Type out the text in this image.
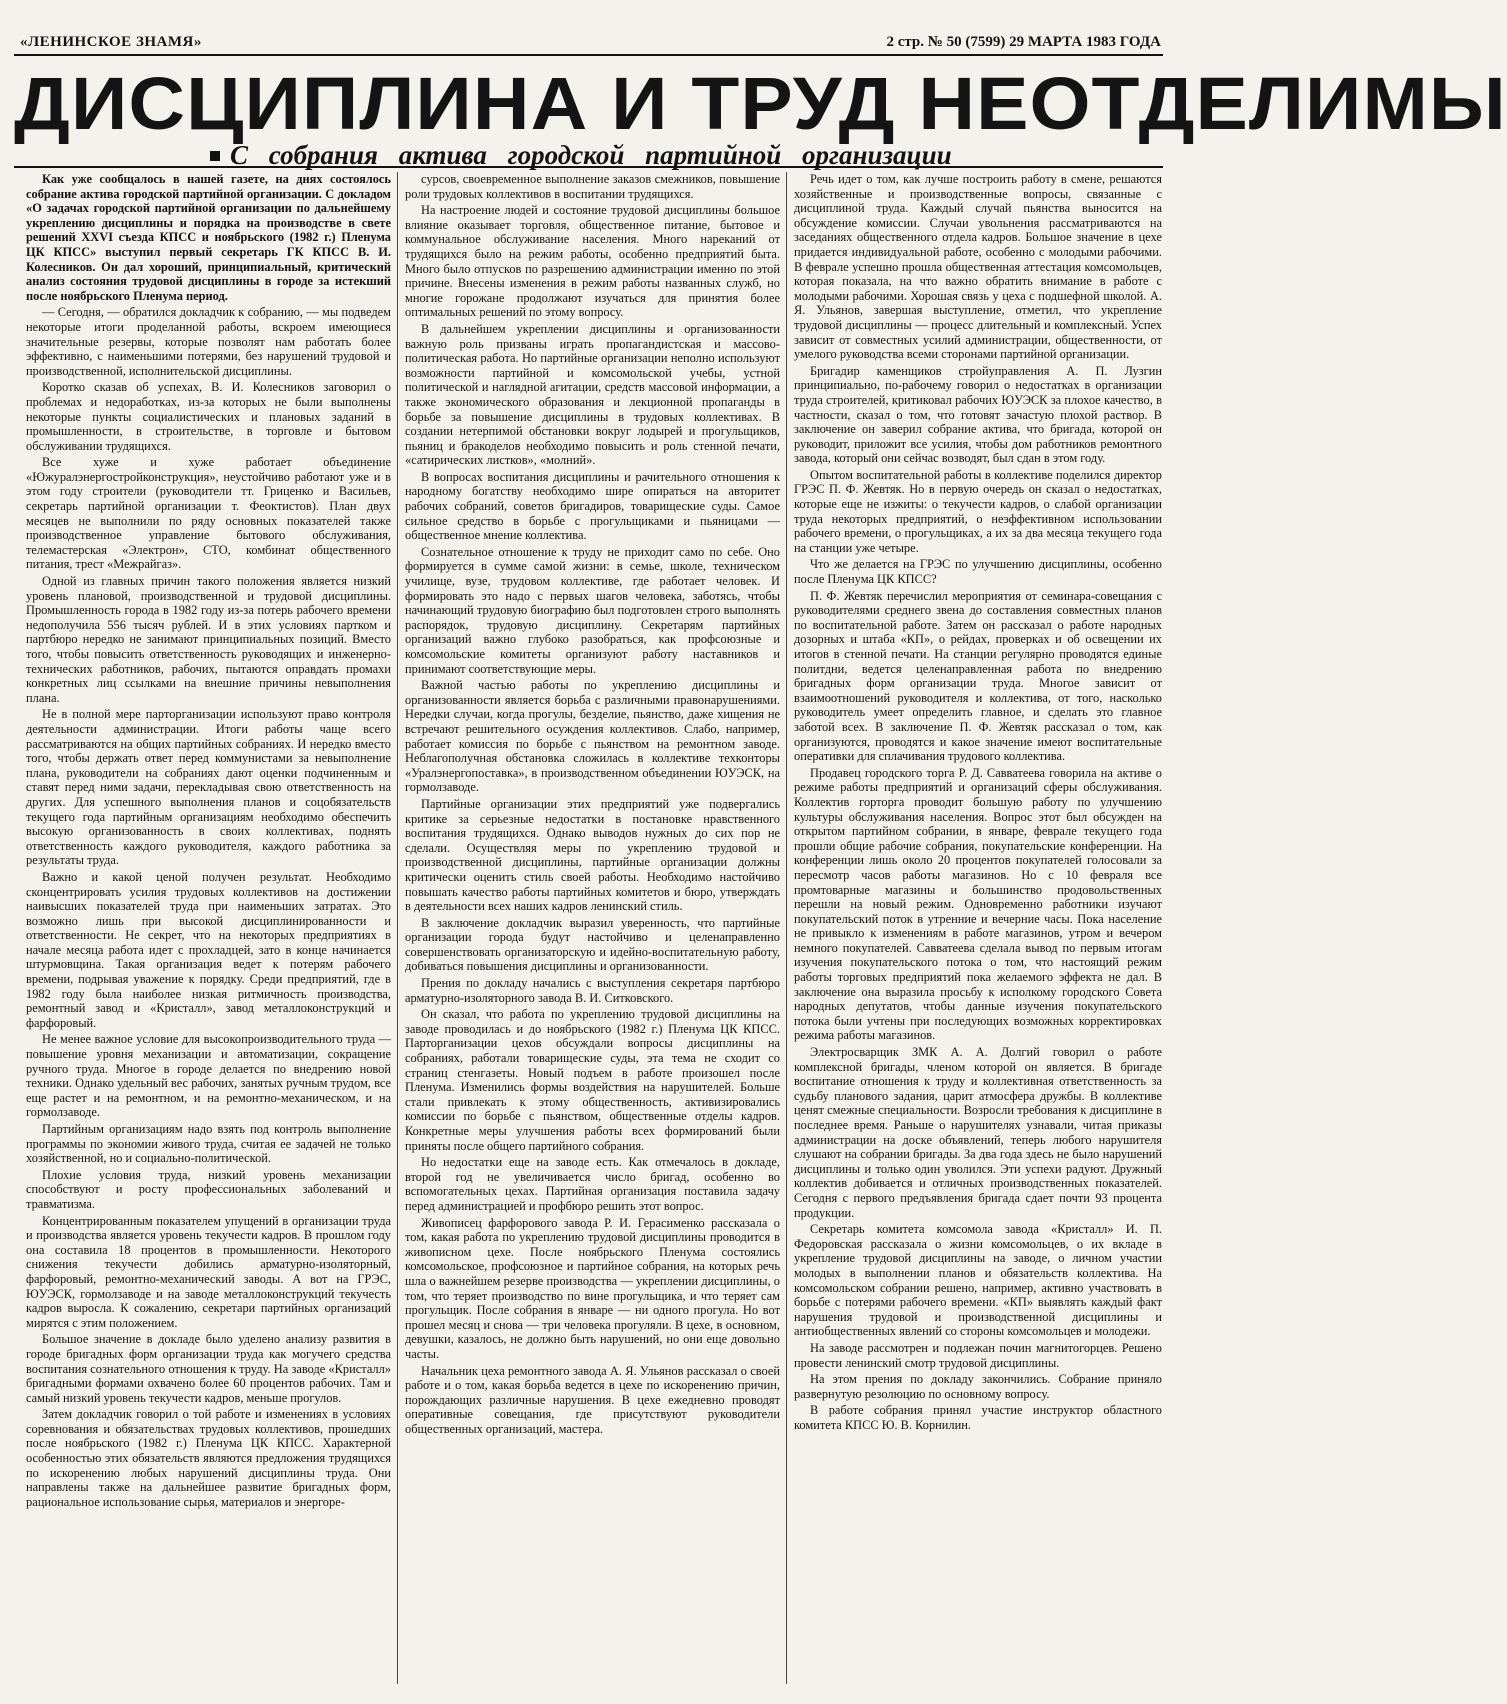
«ЛЕНИНСКОЕ ЗНАМЯ»	2 стр. № 50 (7599) 29 МАРТА 1983 ГОДА
ДИСЦИПЛИНА И ТРУД НЕОТДЕЛИМЫ
С собрания актива городской партийной организации

Как уже сообщалось в нашей газете, на днях состоялось собрание актива городской партийной организации. С докладом «О задачах городской партийной организации по дальнейшему укреплению дисциплины и порядка на производстве в свете решений XXVI съезда КПСС и ноябрьского (1982 г.) Пленума ЦК КПСС» выступил первый секретарь ГК КПСС В. И. Колесников. Он дал хороший, принципиальный, критический анализ состояния трудовой дисциплины в городе за истекший после ноябрьского Пленума период.

— Сегодня, — обратился докладчик к собранию, — мы подведем некоторые итоги проделанной работы, вскроем имеющиеся значительные резервы, которые позволят нам работать более эффективно, с наименьшими потерями, без нарушений трудовой и производственной, исполнительской дисциплины.

Коротко сказав об успехах, В. И. Колесников заговорил о проблемах и недоработках, из-за которых не были выполнены некоторые пункты социалистических и плановых заданий в промышленности, в строительстве, в торговле и бытовом обслуживании трудящихся.

Все хуже и хуже работает объединение «Южуралэнергостройконструкция», неустойчиво работают уже и в этом году строители (руководители тт. Гриценко и Васильев, секретарь партийной организации т. Феоктистов). План двух месяцев не выполнили по ряду основных показателей также производственное управление бытового обслуживания, телемастерская «Электрон», СТО, комбинат общественного питания, трест «Межрайгаз».

Одной из главных причин такого положения является низкий уровень плановой, производственной и трудовой дисциплины. Промышленность города в 1982 году из-за потерь рабочего времени недополучила 556 тысяч рублей. И в этих условиях партком и партбюро нередко не занимают принципиальных позиций. Вместо того, чтобы повысить ответственность руководящих и инженерно-технических работников, рабочих, пытаются оправдать промахи конкретных лиц ссылками на внешние причины невыполнения плана.

Не в полной мере парторганизации используют право контроля деятельности администрации. Итоги работы чаще всего рассматриваются на общих партийных собраниях. И нередко вместо того, чтобы держать ответ перед коммунистами за невыполнение плана, руководители на собраниях дают оценки подчиненным и ставят перед ними задачи, перекладывая свою ответственность на других. Для успешного выполнения планов и соцобязательств текущего года партийным организациям необходимо обеспечить высокую организованность в своих коллективах, поднять ответственность каждого руководителя, каждого работника за результаты труда.

Важно и какой ценой получен результат. Необходимо сконцентрировать усилия трудовых коллективов на достижении наивысших показателей труда при наименьших затратах. Это возможно лишь при высокой дисциплинированности и ответственности. Не секрет, что на некоторых предприятиях в начале месяца работа идет с прохладцей, зато в конце начинается штурмовщина. Такая организация ведет к потерям рабочего времени, подрывая уважение к порядку. Среди предприятий, где в 1982 году была наиболее низкая ритмичность производства, ремонтный завод и «Кристалл», завод металлоконструкций и фарфоровый.

Не менее важное условие для высокопроизводительного труда — повышение уровня механизации и автоматизации, сокращение ручного труда. Многое в городе делается по внедрению новой техники. Однако удельный вес рабочих, занятых ручным трудом, все еще растет и на ремонтном, и на ремонтно-механическом, и на гормолзаводе.

Партийным организациям надо взять под контроль выполнение программы по экономии живого труда, считая ее задачей не только хозяйственной, но и социально-политической.

Плохие условия труда, низкий уровень механизации способствуют и росту профессиональных заболеваний и травматизма.

Концентрированным показателем упущений в организации труда и производства является уровень текучести кадров. В прошлом году она составила 18 процентов в промышленности. Некоторого снижения текучести добились арматурно-изоляторный, фарфоровый, ремонтно-механический заводы. А вот на ГРЭС, ЮУЭСК, гормолзаводе и на заводе металлоконструкций текучесть кадров выросла. К сожалению, секретари партийных организаций мирятся с этим положением.

Большое значение в докладе было уделено анализу развития в городе бригадных форм организации труда как могучего средства воспитания сознательного отношения к труду. На заводе «Кристалл» бригадными формами охвачено более 60 процентов рабочих. Там и самый низкий уровень текучести кадров, меньше прогулов.

Затем докладчик говорил о той работе и изменениях в условиях соревнования и обязательствах трудовых коллективов, прошедших после ноябрьского (1982 г.) Пленума ЦК КПСС. Характерной особенностью этих обязательств являются предложения трудящихся по искоренению любых нарушений дисциплины труда. Они направлены также на дальнейшее развитие бригадных форм, рациональное использование сырья, материалов и энергоре-

сурсов, своевременное выполнение заказов смежников, повышение роли трудовых коллективов в воспитании трудящихся.

На настроение людей и состояние трудовой дисциплины большое влияние оказывает торговля, общественное питание, бытовое и коммунальное обслуживание населения. Много нареканий от трудящихся было на режим работы, особенно предприятий быта. Много было отпусков по разрешению администрации именно по этой причине. Внесены изменения в режим работы названных служб, но многие горожане продолжают изучаться для принятия более оптимальных решений по этому вопросу.

В дальнейшем укреплении дисциплины и организованности важную роль призваны играть пропагандистская и массово-политическая работа. Но партийные организации неполно используют возможности партийной и комсомольской учебы, устной политической и наглядной агитации, средств массовой информации, а также экономического образования и лекционной пропаганды в борьбе за повышение дисциплины в трудовых коллективах. В создании нетерпимой обстановки вокруг лодырей и прогульщиков, пьяниц и бракоделов необходимо повысить и роль стенной печати, «сатирических листков», «молний».

В вопросах воспитания дисциплины и рачительного отношения к народному богатству необходимо шире опираться на авторитет рабочих собраний, советов бригадиров, товарищеские суды. Самое сильное средство в борьбе с прогульщиками и пьяницами — общественное мнение коллектива.

Сознательное отношение к труду не приходит само по себе. Оно формируется в сумме самой жизни: в семье, школе, техническом училище, вузе, трудовом коллективе, где работает человек. И формировать это надо с первых шагов человека, заботясь, чтобы начинающий трудовую биографию был подготовлен строго выполнять распорядок, трудовую дисциплину. Секретарям партийных организаций важно глубоко разобраться, как профсоюзные и комсомольские комитеты организуют работу наставников и принимают соответствующие меры.

Важной частью работы по укреплению дисциплины и организованности является борьба с различными правонарушениями. Нередки случаи, когда прогулы, безделие, пьянство, даже хищения не встречают решительного осуждения коллективов. Слабо, например, работает комиссия по борьбе с пьянством на ремонтном заводе. Неблагополучная обстановка сложилась в коллективе техконторы «Уралэнергопоставка», в производственном объединении ЮУЭСК, на гормолзаводе.

Партийные организации этих предприятий уже подвергались критике за серьезные недостатки в постановке нравственного воспитания трудящихся. Однако выводов нужных до сих пор не сделали. Осуществляя меры по укреплению трудовой и производственной дисциплины, партийные организации должны критически оценить стиль своей работы. Необходимо настойчиво повышать качество работы партийных комитетов и бюро, утверждать в деятельности всех наших кадров ленинский стиль.

В заключение докладчик выразил уверенность, что партийные организации города будут настойчиво и целенаправленно совершенствовать организаторскую и идейно-воспитательную работу, добиваться повышения дисциплины и организованности.

Прения по докладу начались с выступления секретаря партбюро арматурно-изоляторного завода В. И. Ситковского.

Он сказал, что работа по укреплению трудовой дисциплины на заводе проводилась и до ноябрьского (1982 г.) Пленума ЦК КПСС. Парторганизации цехов обсуждали вопросы дисциплины на собраниях, работали товарищеские суды, эта тема не сходит со страниц стенгазеты. Новый подъем в работе произошел после Пленума. Изменились формы воздействия на нарушителей. Больше стали привлекать к этому общественность, активизировались комиссии по борьбе с пьянством, общественные отделы кадров. Конкретные меры улучшения работы всех формирований были приняты после общего партийного собрания.

Но недостатки еще на заводе есть. Как отмечалось в докладе, второй год не увеличивается число бригад, особенно во вспомогательных цехах. Партийная организация поставила задачу перед администрацией и профбюро решить этот вопрос.

Живописец фарфорового завода Р. И. Герасименко рассказала о том, какая работа по укреплению трудовой дисциплины проводится в живописном цехе. После ноябрьского Пленума состоялись комсомольское, профсоюзное и партийное собрания, на которых речь шла о важнейшем резерве производства — укреплении дисциплины, о том, что теряет производство по вине прогульщика, и что теряет сам прогульщик. После собрания в январе — ни одного прогула. Но вот прошел месяц и снова — три человека прогуляли. В цехе, в основном, девушки, казалось, не должно быть нарушений, но они еще довольно часты.

Начальник цеха ремонтного завода А. Я. Ульянов рассказал о своей работе и о том, какая борьба ведется в цехе по искоренению причин, порождающих различные нарушения. В цехе ежедневно проводят оперативные совещания, где присутствуют руководители общественных организаций, мастера.

Речь идет о том, как лучше построить работу в смене, решаются хозяйственные и производственные вопросы, связанные с дисциплиной труда. Каждый случай пьянства выносится на обсуждение комиссии. Случаи увольнения рассматриваются на заседаниях общественного отдела кадров. Большое значение в цехе придается индивидуальной работе, особенно с молодыми рабочими. В феврале успешно прошла общественная аттестация комсомольцев, которая показала, на что важно обратить внимание в работе с молодыми рабочими. Хорошая связь у цеха с подшефной школой. А. Я. Ульянов, завершая выступление, отметил, что укрепление трудовой дисциплины — процесс длительный и комплексный. Успех зависит от совместных усилий администрации, общественности, от умелого руководства всеми сторонами партийной организации.

Бригадир каменщиков стройуправления А. П. Лузгин принципиально, по-рабочему говорил о недостатках в организации труда строителей, критиковал рабочих ЮУЭСК за плохое качество, в частности, сказал о том, что готовят зачастую плохой раствор. В заключение он заверил собрание актива, что бригада, которой он руководит, приложит все усилия, чтобы дом работников ремонтного завода, который они сейчас возводят, был сдан в этом году.

Опытом воспитательной работы в коллективе поделился директор ГРЭС П. Ф. Жевтяк. Но в первую очередь он сказал о недостатках, которые еще не изжиты: о текучести кадров, о слабой организации труда некоторых предприятий, о неэффективном использовании рабочего времени, о прогульщиках, а их за два месяца текущего года на станции уже четыре.

Что же делается на ГРЭС по улучшению дисциплины, особенно после Пленума ЦК КПСС?

П. Ф. Жевтяк перечислил мероприятия от семинара-совещания с руководителями среднего звена до составления совместных планов по воспитательной работе. Затем он рассказал о работе народных дозорных и штаба «КП», о рейдах, проверках и об освещении их итогов в стенной печати. На станции регулярно проводятся единые политдни, ведется целенаправленная работа по внедрению бригадных форм организации труда. Многое зависит от взаимоотношений руководителя и коллектива, от того, насколько руководитель умеет определить главное, и сделать это главное заботой всех. В заключение П. Ф. Жевтяк рассказал о том, как организуются, проводятся и какое значение имеют воспитательные оперативки для сплачивания трудового коллектива.

Продавец городского торга Р. Д. Савватеева говорила на активе о режиме работы предприятий и организаций сферы обслуживания. Коллектив горторга проводит большую работу по улучшению культуры обслуживания населения. Вопрос этот был обсужден на открытом партийном собрании, в январе, феврале текущего года прошли общие рабочие собрания, покупательские конференции. На конференции лишь около 20 процентов покупателей голосовали за пересмотр часов работы магазинов. Но с 10 февраля все промтоварные магазины и большинство продовольственных перешли на новый режим. Одновременно работники изучают покупательский поток в утренние и вечерние часы. Пока население не привыкло к изменениям в работе магазинов, утром и вечером немного покупателей. Савватеева сделала вывод по первым итогам изучения покупательского потока о том, что настоящий режим работы торговых предприятий пока желаемого эффекта не дал. В заключение она выразила просьбу к исполкому городского Совета народных депутатов, чтобы данные изучения покупательского потока были учтены при последующих возможных корректировках режима работы магазинов.

Электросварщик ЗМК А. А. Долгий говорил о работе комплексной бригады, членом которой он является. В бригаде воспитание отношения к труду и коллективная ответственность за судьбу планового задания, царит атмосфера дружбы. В коллективе ценят смежные специальности. Возросли требования к дисциплине в последнее время. Раньше о нарушителях узнавали, читая приказы администрации на доске объявлений, теперь любого нарушителя слушают на собрании бригады. За два года здесь не было нарушений дисциплины и только один уволился. Эти успехи радуют. Дружный коллектив добивается и отличных производственных показателей. Сегодня с первого предъявления бригада сдает почти 93 процента продукции.

Секретарь комитета комсомола завода «Кристалл» И. П. Федоровская рассказала о жизни комсомольцев, о их вкладе в укрепление трудовой дисциплины на заводе, о личном участии молодых в выполнении планов и обязательств коллектива. На комсомольском собрании решено, например, активно участвовать в борьбе с потерями рабочего времени. «КП» выявлять каждый факт нарушения трудовой и производственной дисциплины и антиобщественных явлений со стороны комсомольцев и молодежи.

На заводе рассмотрен и подлежан почин магнитогорцев. Решено провести ленинский смотр трудовой дисциплины.

На этом прения по докладу закончились. Собрание приняло развернутую резолюцию по основному вопросу.

В работе собрания принял участие инструктор областного комитета КПСС Ю. В. Корнилин.
